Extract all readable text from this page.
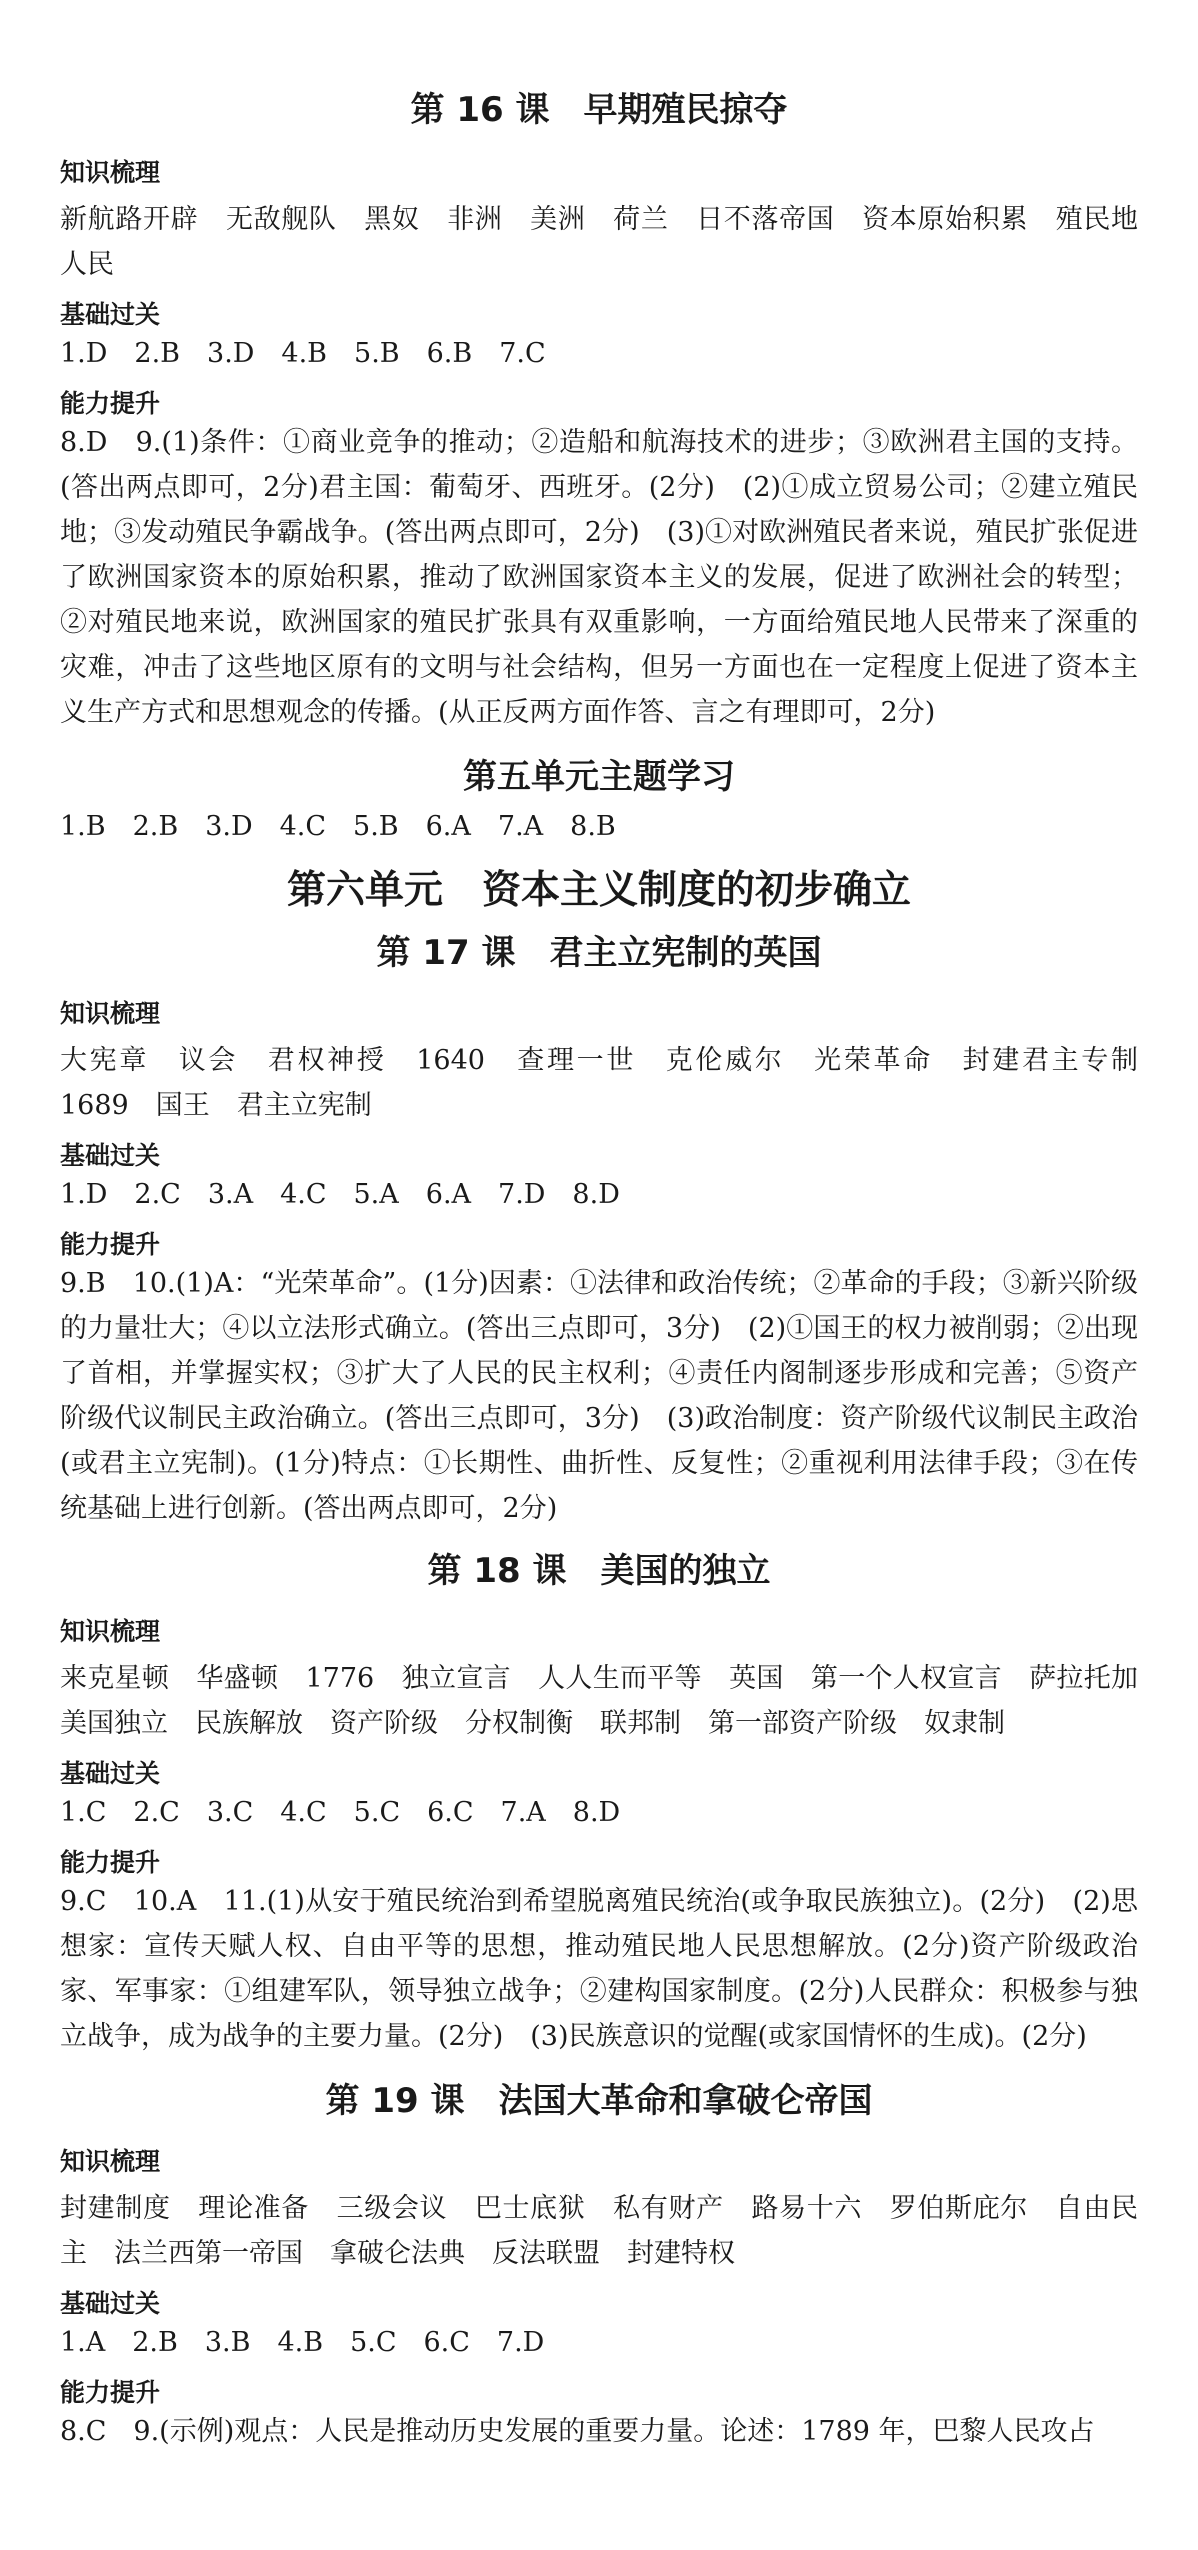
第 16 课　早期殖民掠夺
知识梳理

新航路开辟　无敌舰队　黑奴　非洲　美洲　荷兰　日不落帝国　资本原始积累　殖民地人民

基础过关

1.D　2.B　3.D　4.B　5.B　6.B　7.C

能力提升

8.D　9.(1)条件：①商业竞争的推动；②造船和航海技术的进步；③欧洲君主国的支持。(答出两点即可，2分)君主国：葡萄牙、西班牙。(2分)　(2)①成立贸易公司；②建立殖民地；③发动殖民争霸战争。(答出两点即可，2分)　(3)①对欧洲殖民者来说，殖民扩张促进了欧洲国家资本的原始积累，推动了欧洲国家资本主义的发展，促进了欧洲社会的转型；②对殖民地来说，欧洲国家的殖民扩张具有双重影响，一方面给殖民地人民带来了深重的灾难，冲击了这些地区原有的文明与社会结构，但另一方面也在一定程度上促进了资本主义生产方式和思想观念的传播。(从正反两方面作答、言之有理即可，2分)

第五单元主题学习

1.B　2.B　3.D　4.C　5.B　6.A　7.A　8.B

第六单元　资本主义制度的初步确立
第 17 课　君主立宪制的英国
知识梳理

大宪章　议会　君权神授　1640　查理一世　克伦威尔　光荣革命　封建君主专制　1689　国王　君主立宪制

基础过关

1.D　2.C　3.A　4.C　5.A　6.A　7.D　8.D

能力提升

9.B　10.(1)A：“光荣革命”。(1分)因素：①法律和政治传统；②革命的手段；③新兴阶级的力量壮大；④以立法形式确立。(答出三点即可，3分)　(2)①国王的权力被削弱；②出现了首相，并掌握实权；③扩大了人民的民主权利；④责任内阁制逐步形成和完善；⑤资产阶级代议制民主政治确立。(答出三点即可，3分)　(3)政治制度：资产阶级代议制民主政治(或君主立宪制)。(1分)特点：①长期性、曲折性、反复性；②重视利用法律手段；③在传统基础上进行创新。(答出两点即可，2分)

第 18 课　美国的独立
知识梳理

来克星顿　华盛顿　1776　独立宣言　人人生而平等　英国　第一个人权宣言　萨拉托加　美国独立　民族解放　资产阶级　分权制衡　联邦制　第一部资产阶级　奴隶制

基础过关

1.C　2.C　3.C　4.C　5.C　6.C　7.A　8.D

能力提升

9.C　10.A　11.(1)从安于殖民统治到希望脱离殖民统治(或争取民族独立)。(2分)　(2)思想家：宣传天赋人权、自由平等的思想，推动殖民地人民思想解放。(2分)资产阶级政治家、军事家：①组建军队，领导独立战争；②建构国家制度。(2分)人民群众：积极参与独立战争，成为战争的主要力量。(2分)　(3)民族意识的觉醒(或家国情怀的生成)。(2分)

第 19 课　法国大革命和拿破仑帝国
知识梳理

封建制度　理论准备　三级会议　巴士底狱　私有财产　路易十六　罗伯斯庇尔　自由民主　法兰西第一帝国　拿破仑法典　反法联盟　封建特权

基础过关

1.A　2.B　3.B　4.B　5.C　6.C　7.D

能力提升

8.C　9.(示例)观点：人民是推动历史发展的重要力量。论述：1789 年，巴黎人民攻占
